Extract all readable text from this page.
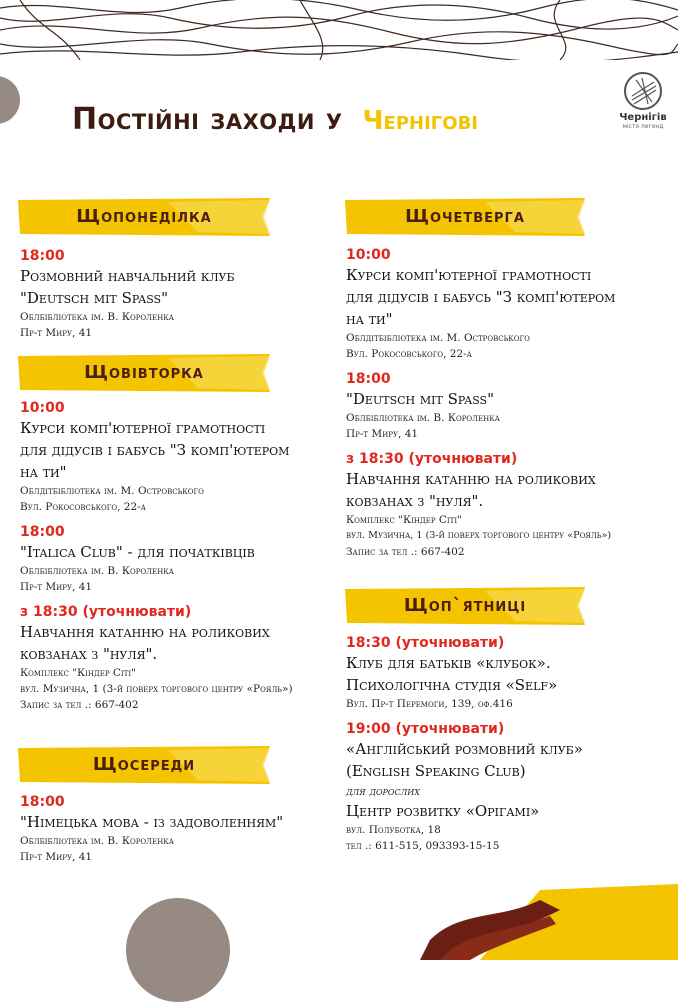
Постійні заходи у Чернігові	Чернігів
місто легенд
Щопонеділка
Щовівторка
Щосереди
Щочетверга
Щоп`ятниці
18:00
Розмовний навчальний клуб
"Deutsch mit Spass"
Облбібліотека ім. В. Короленка
Пр-т Миру, 41
10:00
Курси комп'ютерної грамотності
для дідусів і бабусь "З комп'ютером
на ти"
Облдітбібліотека ім. М. Островського
Вул. Рокосовського, 22-а
18:00
"Italica Club" - для початківців
Облбібліотека ім. В. Короленка
Пр-т Миру, 41
з 18:30 (уточнювати)
Навчання катанню на роликових
ковзанах з "нуля".
Комплекс "Кіндер Сіті"
вул. Музична, 1 (3-й поверх торгового центру «Рояль»)
Запис за тел .: 667-402
18:00
"Німецька мова - із задоволенням"
Облбібліотека ім. В. Короленка
Пр-т Миру, 41
10:00
Курси комп'ютерної грамотності
для дідусів і бабусь "З комп'ютером
на ти"
Облдітбібліотека ім. М. Островського
Вул. Рокосовського, 22-а
18:00
"Deutsch mit Spass"
Облбібліотека ім. В. Короленка
Пр-т Миру, 41
з 18:30 (уточнювати)
Навчання катанню на роликових
ковзанах з "нуля".
Комплекс "Кіндер Сіті"
вул. Музична, 1 (3-й поверх торгового центру «Рояль»)
Запис за тел .: 667-402
18:30 (уточнювати)
Клуб для батьків «клубок».
Психологічна студія «Self»
Вул. Пр-т Перемоги, 139, оф.416
19:00 (уточнювати)
«Англійський розмовний клуб»
(English Speaking Club)
для дорослих
Центр розвитку «Орігамі»
вул. Полуботка, 18
тел .: 611-515, 093393-15-15
